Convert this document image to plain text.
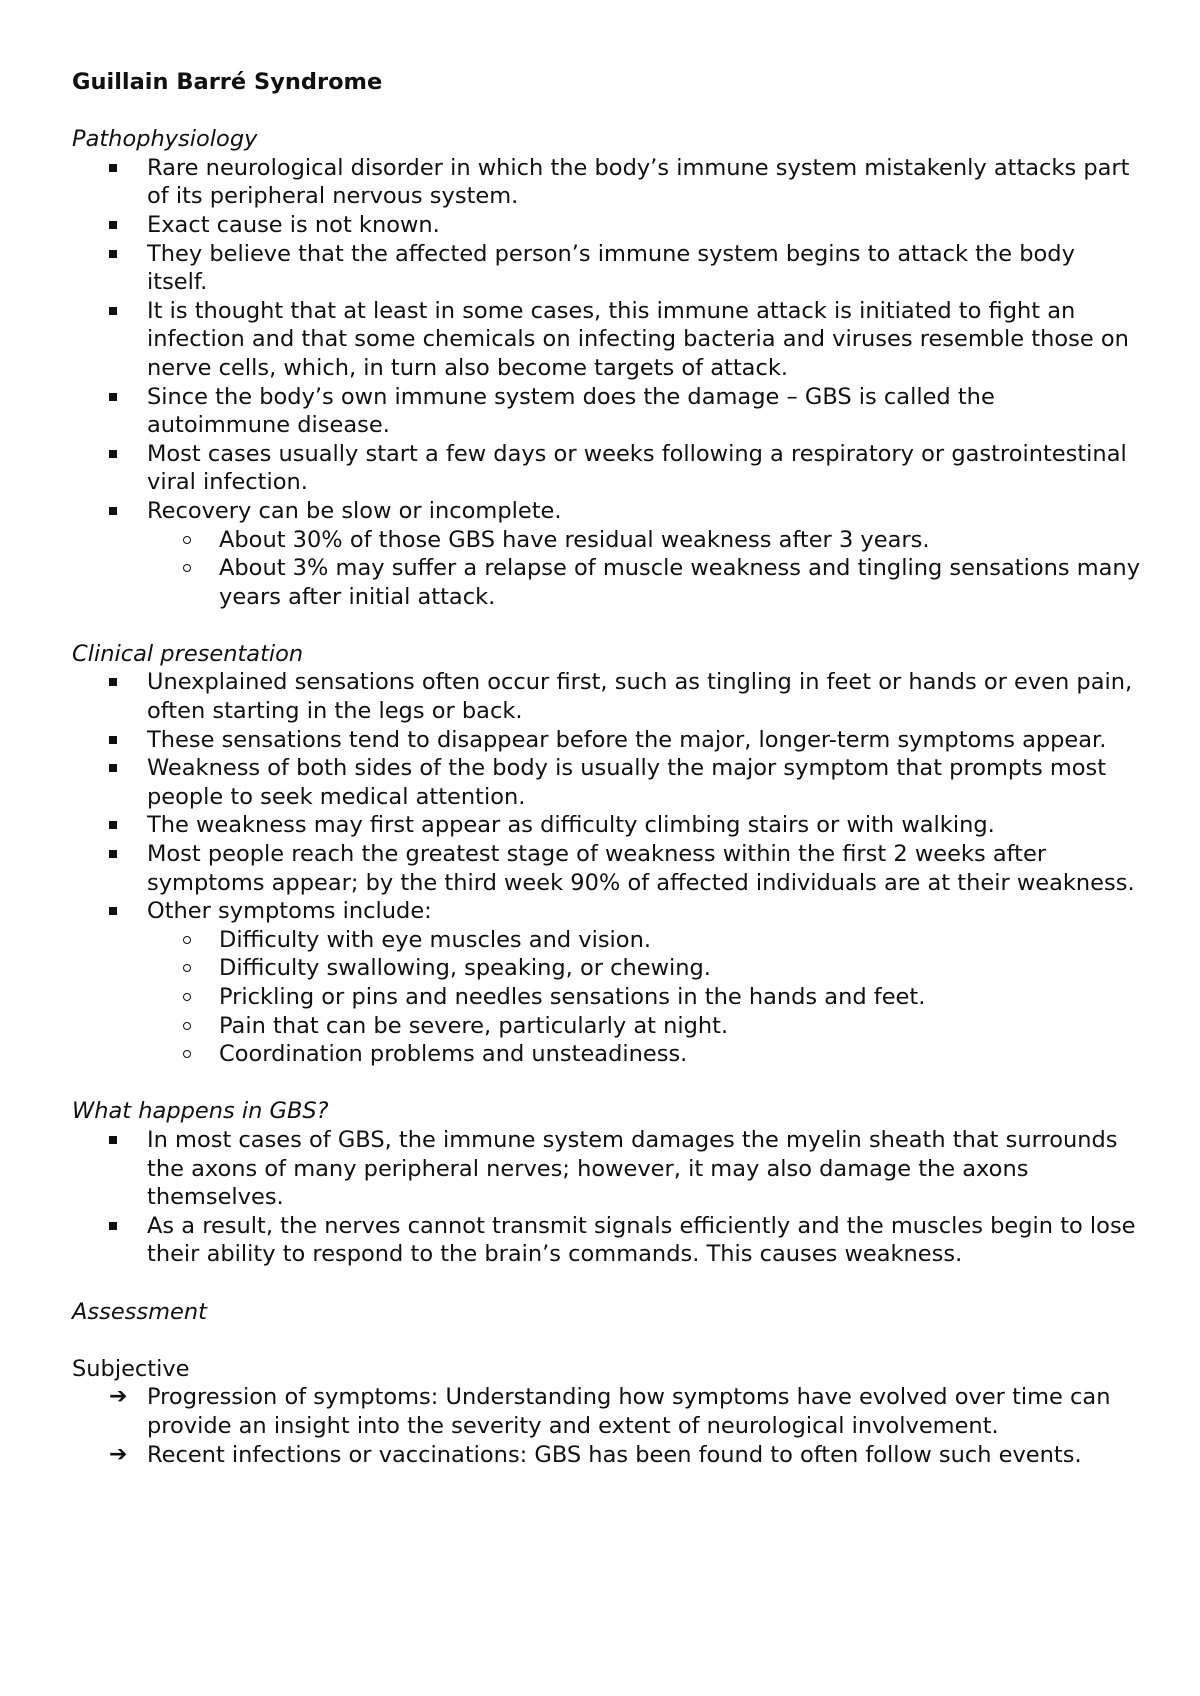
Guillain Barré Syndrome
Pathophysiology
Rare neurological disorder in which the body’s immune system mistakenly attacks part of its peripheral nervous system.
Exact cause is not known.
They believe that the affected person’s immune system begins to attack the body itself.
It is thought that at least in some cases, this immune attack is initiated to fight an infection and that some chemicals on infecting bacteria and viruses resemble those on nerve cells, which, in turn also become targets of attack.
Since the body’s own immune system does the damage – GBS is called the autoimmune disease.
Most cases usually start a few days or weeks following a respiratory or gastrointestinal viral infection.
Recovery can be slow or incomplete.
About 30% of those GBS have residual weakness after 3 years.
About 3% may suffer a relapse of muscle weakness and tingling sensations many years after initial attack.
Clinical presentation
Unexplained sensations often occur first, such as tingling in feet or hands or even pain, often starting in the legs or back.
These sensations tend to disappear before the major, longer-term symptoms appear.
Weakness of both sides of the body is usually the major symptom that prompts most people to seek medical attention.
The weakness may first appear as difficulty climbing stairs or with walking.
Most people reach the greatest stage of weakness within the first 2 weeks after symptoms appear; by the third week 90% of affected individuals are at their weakness.
Other symptoms include:
Difficulty with eye muscles and vision.
Difficulty swallowing, speaking, or chewing.
Prickling or pins and needles sensations in the hands and feet.
Pain that can be severe, particularly at night.
Coordination problems and unsteadiness.
What happens in GBS?
In most cases of GBS, the immune system damages the myelin sheath that surrounds the axons of many peripheral nerves; however, it may also damage the axons themselves.
As a result, the nerves cannot transmit signals efficiently and the muscles begin to lose their ability to respond to the brain’s commands. This causes weakness.
Assessment
Subjective
➔ Progression of symptoms: Understanding how symptoms have evolved over time can provide an insight into the severity and extent of neurological involvement.
➔ Recent infections or vaccinations: GBS has been found to often follow such events.
